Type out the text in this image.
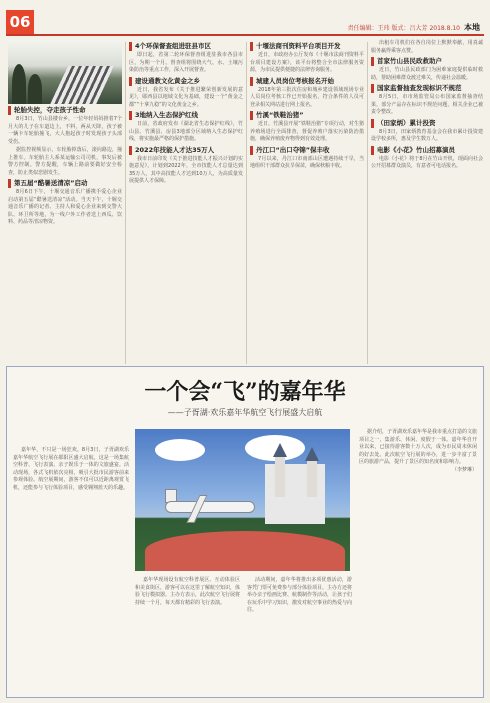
06	责任编辑：王玮 版式：吕大芳 2018.8.10 本地
轮胎失控，夺走孩子性命

8月3日，竹山县楼台乡，一位年轻妈妈推着7个月大的儿子在车道边上，不料，两从天降，孩子被一辆卡车轮胎撞飞，大人抱起孩子时发现孩子头部受伤。

据监控视频显示，车轮胎掉落后，滚向路边，撞上推车。车轮胎主人系某运输公司司机，事发后被警方控制。警方提醒，车辆上路前要做好安全检查，防止类似悲剧发生。

第五届“酷暑送清凉”启动

8月6日下午，十堰交通音乐广播携手爱心企业启动第五届“酷暑送清凉”活动。当天下午，十堰交通音乐广播的记者、主持人和爱心企业来到交警大队、环卫所等地，为一线户外工作者送上西瓜、饮料、药品等清凉物资。

4个环保督查组进驻县市区

即日起，省第二轮环保督查组进驻我市各县市区，为期一个月。督查组将围绕大气、水、土壤污染防治等重点工作，深入开展督查。

建设通教文化黄金之乡

近日，我省发布《关于推进繁荣创新发展的意见》，郧西县以地域文化为基础，建设一个“黄金之都”“十拿九稳”的文化黄金之乡。

3地纳入生态保护红线

日前，省政府发布《湖北省生态保护红线》，竹山县、竹溪县、房县3地部分区域纳入生态保护红线，将实施最严格的保护措施。

2022年技能人才达35万人

我市日前印发《关于推进技能人才振兴计划的实施意见》，计划到2022年，全市技能人才总量达到35万人，其中高技能人才达到10万人，为高质量发展提供人才保障。

十堰法商刊资料平台项目开发

近日，市政府办公厅发布《十堰市法商刊资料平台项目建设方案》，该平台将整合全市法律服务资源，为市民提供便捷的法律咨询服务。

城建人员岗位考核报名开始

2018年第三批次住房和城乡建设领域现场专业人员岗位考核工作已开始报名，符合条件的人员可登录相关网站进行网上报名。

竹溪“铁鞋治猪”

近日，竹溪县开展“铁鞋治猪”专项行动，对生猪养殖场进行全面排查，督促养殖户落实污染防治措施，确保养殖废弃物得到有效处理。

丹江口“出口夺锦”保丰收

7月以来，丹江口市南部山区遭遇持续干旱，当地组织干部群众抗旱保苗，确保秋粮丰收。

出租车司机们在各自岗位上默默奉献，用真诚服务赢得乘客点赞。

首家竹山县民政救助户

近日，竹山县民政部门为困难家庭提供临时救助，帮助困难群众渡过难关，传递社会温暖。

国家监督抽查发现标识不规范

8月5日，市市场监管局公布国家监督抽查结果，部分产品存在标识不规范问题，相关企业已被责令整改。

（田家炳）累计投资

8月3日，田家炳教育基金会在我市累计投资建设学校多所，惠及学生数万人。

电影《小花》竹山招募演员

电影《小花》将于8月在竹山开机，现面向社会公开招募群众演员，有意者可电话报名。

一个会“飞”的嘉年华
——子胥湖·欢乐嘉年华航空飞行展盛大启航

嘉年华，不只是一场狂欢。8月3日，子胥湖欢乐嘉年华航空飞行展在郧阳区盛大启航，这是一场集航空科普、飞行表演、亲子娱乐于一体的文旅盛宴。活动现场，各式飞机依次亮相，吸引大批市民游客前来参观体验。航空展期间，游客不仅可以近距离观赏飞机，还能参与飞行体验项目，感受翱翔蓝天的乐趣。

嘉年华现场设有航空科普展区、互动体验区和美食街区，游客可以在这里了解航空知识，体验飞行模拟器。主办方表示，此次航空飞行展将持续一个月，每天都有精彩的飞行表演。

活动期间，嘉年华将推出多项优惠活动，游客凭门票可免费参与部分体验项目。主办方还将举办亲子绘画比赛、航模制作等活动，让孩子们在玩乐中学习知识，激发对航空事业的热爱与向往。

据介绍，子胥湖欢乐嘉年华是我市重点打造的文旅项目之一，集游乐、休闲、度假于一体。嘉年华自开业以来，已接待游客数十万人次，成为市民周末休闲的好去处。此次航空飞行展的举办，进一步丰富了景区的旅游产品，提升了景区的知名度和影响力。

（李梦琳）
